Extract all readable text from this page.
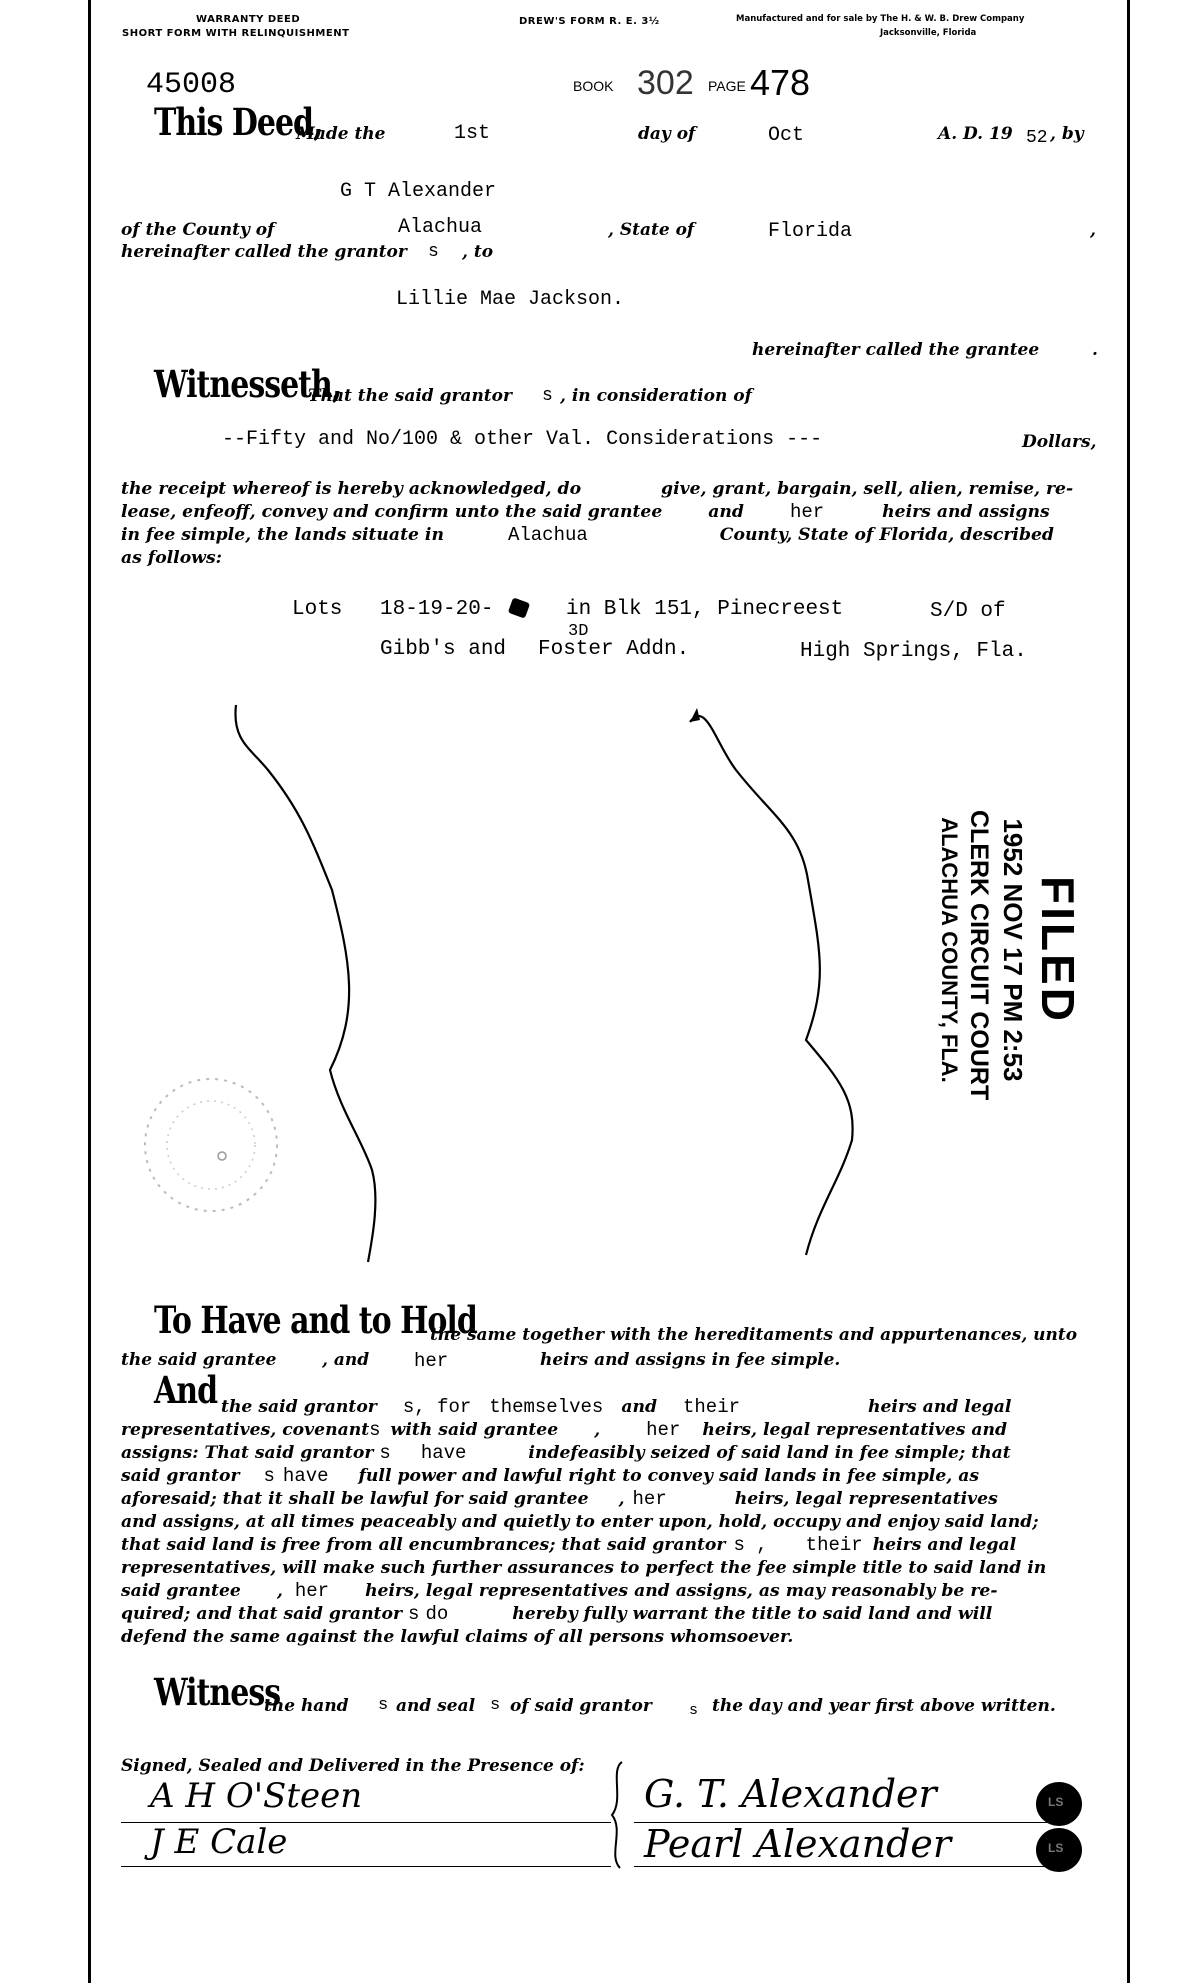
WARRANTY DEED
SHORT FORM WITH RELINQUISHMENT
DREW'S FORM R. E. 3½	Manufactured and for sale by The H. & W. B. Drew Company
Jacksonville, Florida
45008	BOOK 302 PAGE 478
This Deed,
Made the	1st	day of	Oct	A. D. 19 52 , by
G T Alexander
of the County of	Alachua	, State of	Florida	,
hereinafter called the grantor s , to
Lillie Mae Jackson.
hereinafter called the grantee	.
Witnesseth,
That the said grantor s , in consideration of
--Fifty and No/100 & other Val. Considerations ---	Dollars,
the receipt whereof is hereby acknowledged, do	give, grant, bargain, sell, alien, remise, re-
lease, enfeoff, convey and confirm unto the said grantee	and her	heirs and assigns
in fee simple, the lands situate in	Alachua	County, State of Florida, described
as follows:
Lots 18-19-20-	in Blk 151, Pinecreest	S/D of
3D
Gibb's and Foster Addn.	High Springs, Fla.
FILED
1952 NOV 17 PM 2:53
CLERK CIRCUIT COURT
ALACHUA COUNTY, FLA.
To Have and to Hold
the same together with the hereditaments and appurtenances, unto
the said grantee	, and her	heirs and assigns in fee simple.
And the said grantor s, for themselves and their	heirs and legal
representatives, covenants with said grantee , her heirs, legal representatives and
assigns: That said grantor s have	indefeasibly seized of said land in fee simple; that
said grantor s have full power and lawful right to convey said lands in fee simple, as
aforesaid; that it shall be lawful for said grantee , her	heirs, legal representatives
and assigns, at all times peaceably and quietly to enter upon, hold, occupy and enjoy said land;
that said land is free from all encumbrances; that said grantor s , their heirs and legal
representatives, will make such further assurances to perfect the fee simple title to said land in
said grantee , her heirs, legal representatives and assigns, as may reasonably be re-
quired; and that said grantor s do	hereby fully warrant the title to said land and will
defend the same against the lawful claims of all persons whomsoever.
Witness
the hand s and seal s of said grantor s the day and year first above written.
Signed, Sealed and Delivered in the Presence of:
A H O'Steen
J E Cale
G. T. Alexander
Pearl Alexander
LS
LS
